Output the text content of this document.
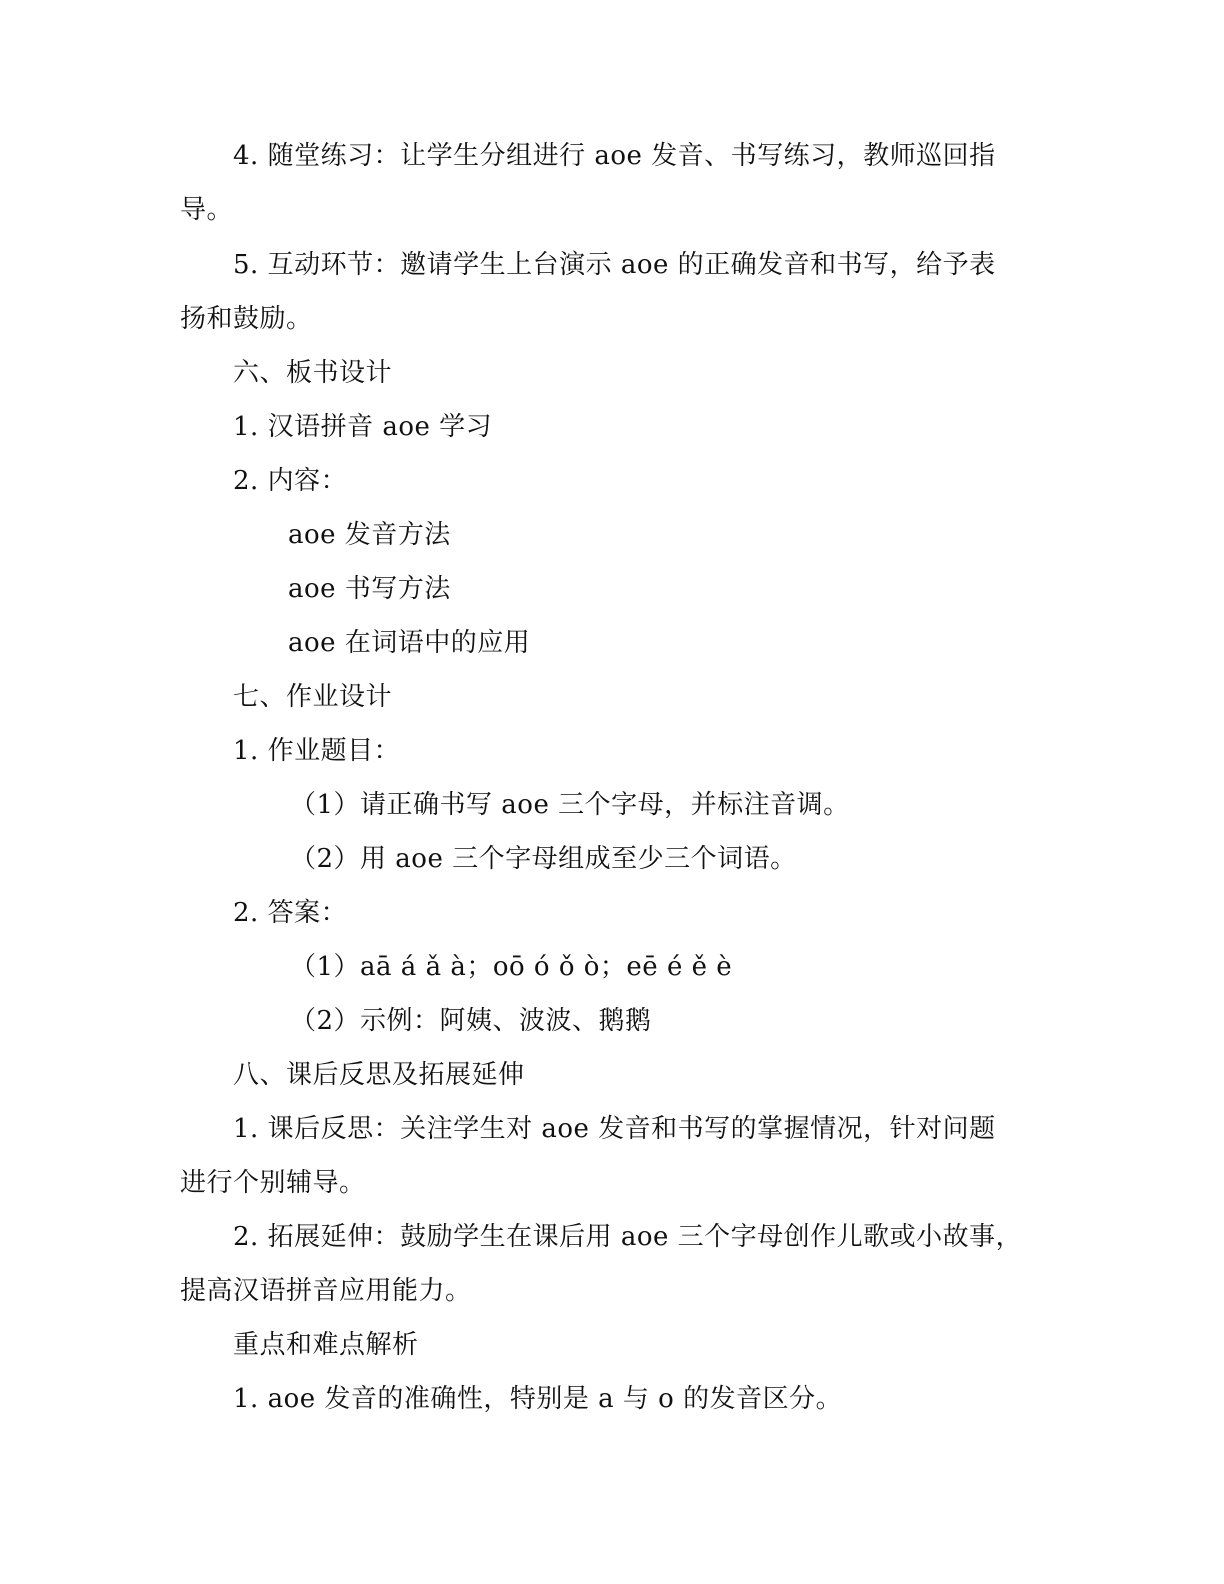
4. 随堂练习：让学生分组进行 aoe 发音、书写练习，教师巡回指
导。
5. 互动环节：邀请学生上台演示 aoe 的正确发音和书写，给予表
扬和鼓励。
六、板书设计
1. 汉语拼音 aoe 学习
2. 内容：
aoe 发音方法
aoe 书写方法
aoe 在词语中的应用
七、作业设计
1. 作业题目：
（1）请正确书写 aoe 三个字母，并标注音调。
（2）用 aoe 三个字母组成至少三个词语。
2. 答案：
（1）aā á ǎ à；oō ó ǒ ò；eē é ě è
（2）示例：阿姨、波波、鹅鹅
八、课后反思及拓展延伸
1. 课后反思：关注学生对 aoe 发音和书写的掌握情况，针对问题
进行个别辅导。
2. 拓展延伸：鼓励学生在课后用 aoe 三个字母创作儿歌或小故事，
提高汉语拼音应用能力。
重点和难点解析
1. aoe 发音的准确性，特别是 a 与 o 的发音区分。
